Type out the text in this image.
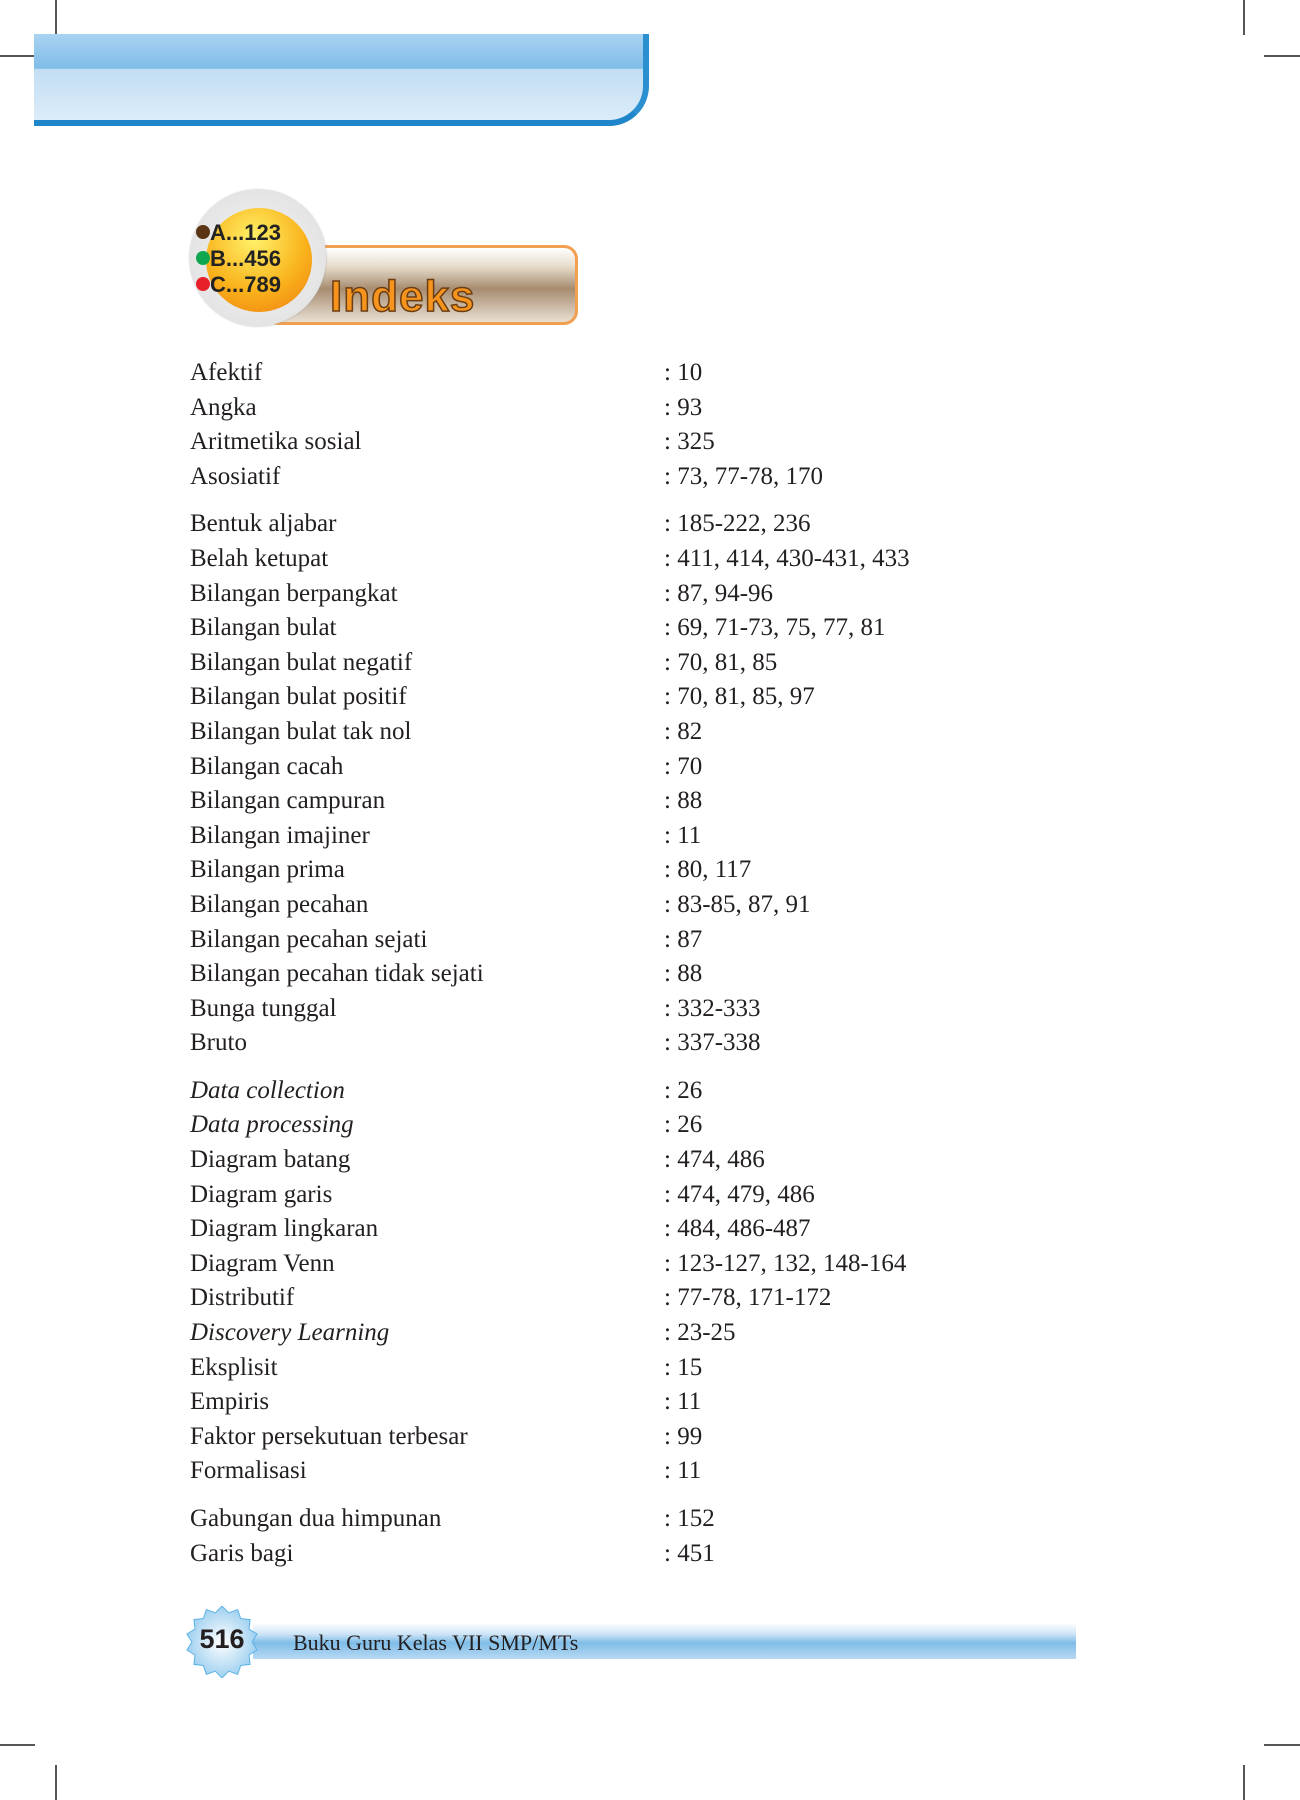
Indeks
A...123
B...456
C...789
Afektif	: 10
Angka	: 93
Aritmetika sosial	: 325
Asosiatif	: 73, 77-78, 170
Bentuk aljabar	: 185-222, 236
Belah ketupat	: 411, 414, 430-431, 433
Bilangan berpangkat	: 87, 94-96
Bilangan bulat	: 69, 71-73, 75, 77, 81
Bilangan bulat negatif	: 70, 81, 85
Bilangan bulat positif	: 70, 81, 85, 97
Bilangan bulat tak nol	: 82
Bilangan cacah	: 70
Bilangan campuran	: 88
Bilangan imajiner	: 11
Bilangan prima	: 80, 117
Bilangan pecahan	: 83-85, 87, 91
Bilangan pecahan sejati	: 87
Bilangan pecahan tidak sejati	: 88
Bunga tunggal	: 332-333
Bruto	: 337-338
Data collection	: 26
Data processing	: 26
Diagram batang	: 474, 486
Diagram garis	: 474, 479, 486
Diagram lingkaran	: 484, 486-487
Diagram Venn	: 123-127, 132, 148-164
Distributif	: 77-78, 171-172
Discovery Learning	: 23-25
Eksplisit	: 15
Empiris	: 11
Faktor persekutuan terbesar	: 99
Formalisasi	: 11
Gabungan dua himpunan	: 152
Garis bagi	: 451
516	Buku Guru Kelas VII SMP/MTs
